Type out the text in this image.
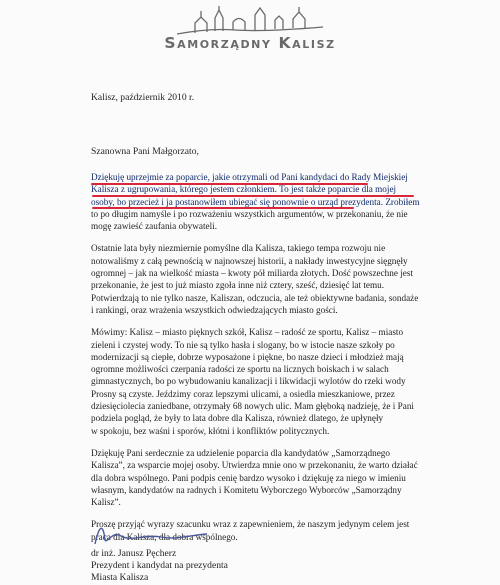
Samorządny Kalisz
Kalisz, październik 2010 r.
Szanowna Pani Małgorzato,

Dziękuję uprzejmie za poparcie, jakie otrzymali od Pani kandydaci do Rady Miejskiej
Kalisza z ugrupowania, którego jestem członkiem. To jest także poparcie dla mojej
osoby, bo przecież i ja postanowiłem ubiegać się ponownie o urząd prezydenta. Zrobiłem
to po długim namyśle i po rozważeniu wszystkich argumentów, w przekonaniu, że nie
mogę zawieść zaufania obywateli.

Ostatnie lata były niezmiernie pomyślne dla Kalisza, takiego tempa rozwoju nie
notowaliśmy z całą pewnością w najnowszej historii, a nakłady inwestycyjne sięgnęły
ogromnej – jak na wielkość miasta – kwoty pół miliarda złotych. Dość powszechne jest
przekonanie, że jest to już miasto zgoła inne niż cztery, sześć, dziesięć lat temu.
Potwierdzają to nie tylko nasze, Kaliszan, odczucia, ale też obiektywne badania, sondaże
i rankingi, oraz wrażenia wszystkich odwiedzających miasto gości.

Mówimy: Kalisz – miasto pięknych szkół, Kalisz – radość ze sportu, Kalisz – miasto
zieleni i czystej wody. To nie są tylko hasła i slogany, bo w istocie nasze szkoły po
modernizacji są ciepłe, dobrze wyposażone i piękne, bo nasze dzieci i młodzież mają
ogromne możliwości czerpania radości ze sportu na licznych boiskach i w salach
gimnastycznych, bo po wybudowaniu kanalizacji i likwidacji wylotów do rzeki wody
Prosny są czyste. Jeździmy coraz lepszymi ulicami, a osiedla mieszkaniowe, przez
dziesięciolecia zaniedbane, otrzymały 68 nowych ulic. Mam głęboką nadzieję, że i Pani
podziela pogląd, że były to lata dobre dla Kalisza, również dlatego, że upłynęły
w spokoju, bez waśni i sporów, kłótni i konfliktów politycznych.

Dziękuję Pani serdecznie za udzielenie poparcia dla kandydatów „Samorządnego
Kalisza”, za wsparcie mojej osoby. Utwierdza mnie ono w przekonaniu, że warto działać
dla dobra wspólnego. Pani podpis cenię bardzo wysoko i dziękuję za niego w imieniu
własnym, kandydatów na radnych i Komitetu Wyborczego Wyborców „Samorządny
Kalisz”.

Proszę przyjąć wyrazy szacunku wraz z zapewnieniem, że naszym jedynym celem jest
praca dla Kalisza, dla dobra wspólnego.

dr inż. Janusz Pęcherz
Prezydent i kandydat na prezydenta
Miasta Kalisza
